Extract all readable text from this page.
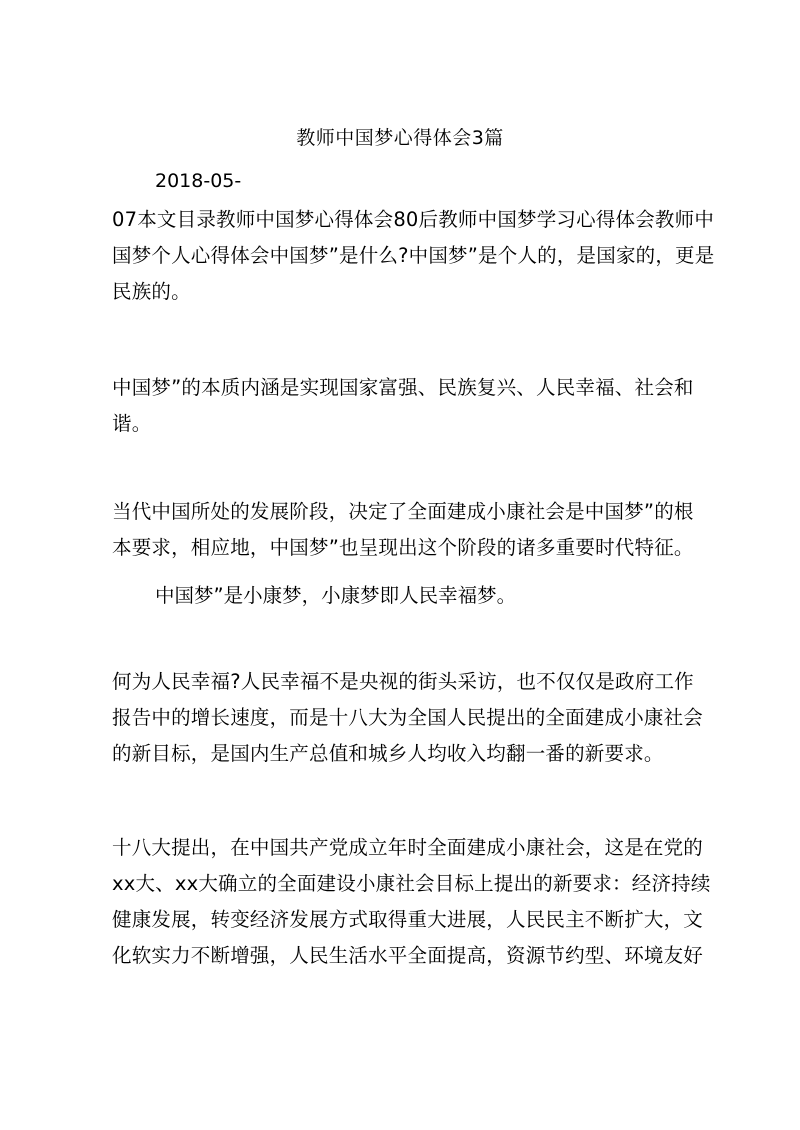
教师中国梦心得体会3篇
2018-05-
07本文目录教师中国梦心得体会80后教师中国梦学习心得体会教师中
国梦个人心得体会中国梦”是什么?中国梦”是个人的，是国家的，更是
民族的。
中国梦”的本质内涵是实现国家富强、民族复兴、人民幸福、社会和
谐。
当代中国所处的发展阶段，决定了全面建成小康社会是中国梦”的根
本要求，相应地，中国梦”也呈现出这个阶段的诸多重要时代特征。
中国梦”是小康梦，小康梦即人民幸福梦。
何为人民幸福?人民幸福不是央视的街头采访，也不仅仅是政府工作
报告中的增长速度，而是十八大为全国人民提出的全面建成小康社会
的新目标，是国内生产总值和城乡人均收入均翻一番的新要求。
十八大提出，在中国共产党成立年时全面建成小康社会，这是在党的
xx大、xx大确立的全面建设小康社会目标上提出的新要求：经济持续
健康发展，转变经济发展方式取得重大进展，人民民主不断扩大，文
化软实力不断增强，人民生活水平全面提高，资源节约型、环境友好
